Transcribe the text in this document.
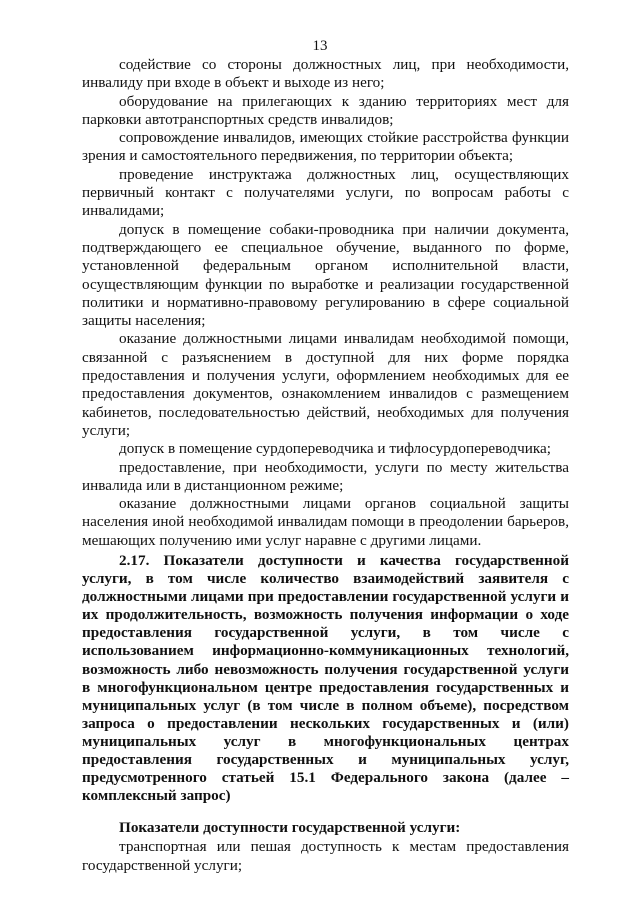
13

содействие со стороны должностных лиц, при необходимости, инвалиду при входе в объект и выходе из него;

оборудование на прилегающих к зданию территориях мест для парковки автотранспортных средств инвалидов;

сопровождение инвалидов, имеющих стойкие расстройства функции зрения и самостоятельного передвижения, по территории объекта;

проведение инструктажа должностных лиц, осуществляющих первичный контакт с получателями услуги, по вопросам работы с инвалидами;

допуск в помещение собаки-проводника при наличии документа, подтверждающего ее специальное обучение, выданного по форме, установленной федеральным органом исполнительной власти, осуществляющим функции по выработке и реализации государственной политики и нормативно-правовому регулированию в сфере социальной защиты населения;

оказание должностными лицами инвалидам необходимой помощи, связанной с разъяснением в доступной для них форме порядка предоставления и получения услуги, оформлением необходимых для ее предоставления документов, ознакомлением инвалидов с размещением кабинетов, последовательностью действий, необходимых для получения услуги;

допуск в помещение сурдопереводчика и тифлосурдопереводчика;

предоставление, при необходимости, услуги по месту жительства инвалида или в дистанционном режиме;

оказание должностными лицами органов социальной защиты населения иной необходимой инвалидам помощи в преодолении барьеров, мешающих получению ими услуг наравне с другими лицами.

2.17. Показатели доступности и качества государственной услуги, в том числе количество взаимодействий заявителя с должностными лицами при предоставлении государственной услуги и их продолжительность, возможность получения информации о ходе предоставления государственной услуги, в том числе с использованием информационно-коммуникационных технологий, возможность либо невозможность получения государственной услуги в многофункциональном центре предоставления государственных и муниципальных услуг (в том числе в полном объеме), посредством запроса о предоставлении нескольких государственных и (или) муниципальных услуг в многофункциональных центрах предоставления государственных и муниципальных услуг, предусмотренного статьей 15.1 Федерального закона (далее – комплексный запрос)

Показатели доступности государственной услуги:

транспортная или пешая доступность к местам предоставления государственной услуги;
